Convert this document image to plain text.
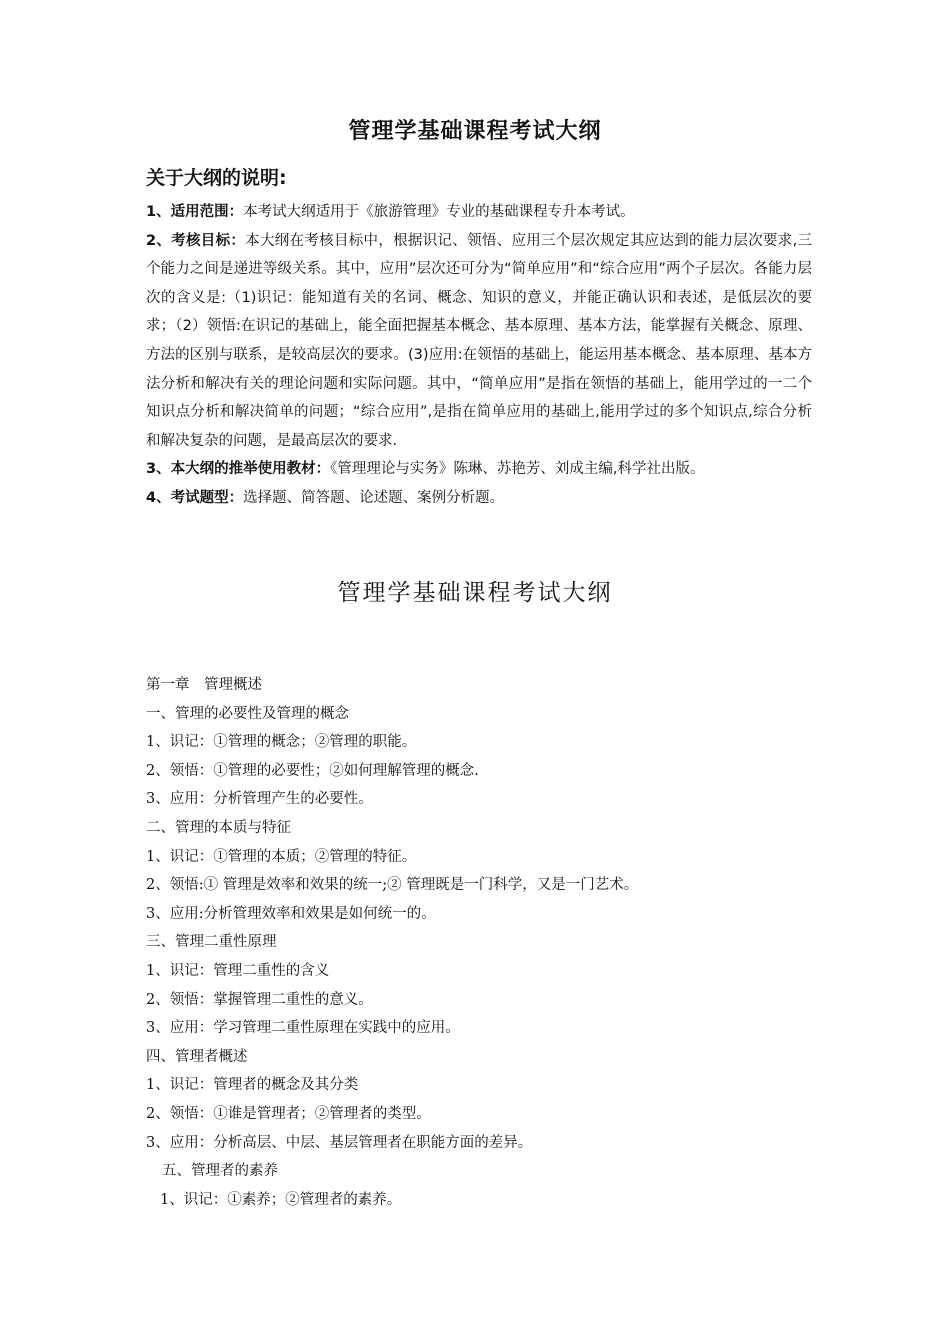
管理学基础课程考试大纲
关于大纲的说明:

1、适用范围：本考试大纲适用于《旅游管理》专业的基础课程专升本考试。

2、考核目标：本大纲在考核目标中，根据识记、领悟、应用三个层次规定其应达到的能力层次要求,三个能力之间是递进等级关系。其中，应用”层次还可分为“简单应用”和“综合应用”两个子层次。各能力层次的含义是:（1)识记：能知道有关的名词、概念、知识的意义，并能正确认识和表述，是低层次的要求；（2）领悟:在识记的基础上，能全面把握基本概念、基本原理、基本方法，能掌握有关概念、原理、方法的区别与联系，是较高层次的要求。(3)应用:在领悟的基础上，能运用基本概念、基本原理、基本方法分析和解决有关的理论问题和实际问题。其中，“简单应用”是指在领悟的基础上，能用学过的一二个知识点分析和解决简单的问题；“综合应用”,是指在简单应用的基础上,能用学过的多个知识点,综合分析和解决复杂的问题，是最高层次的要求.

3、本大纲的推举使用教材：《管理理论与实务》陈琳、苏艳芳、刘成主编,科学社出版。

4、考试题型：选择题、简答题、论述题、案例分析题。

管理学基础课程考试大纲
第一章　管理概述
一、管理的必要性及管理的概念
1、识记：①管理的概念；②管理的职能。
2、领悟：①管理的必要性；②如何理解管理的概念.
3、应用：分析管理产生的必要性。
二、管理的本质与特征
1、识记：①管理的本质；②管理的特征。
2、领悟:① 管理是效率和效果的统一;② 管理既是一门科学，又是一门艺术。
3、应用:分析管理效率和效果是如何统一的。
三、管理二重性原理
1、识记：管理二重性的含义
2、领悟：掌握管理二重性的意义。
3、应用：学习管理二重性原理在实践中的应用。
四、管理者概述
1、识记：管理者的概念及其分类
2、领悟：①谁是管理者；②管理者的类型。
3、应用：分析高层、中层、基层管理者在职能方面的差异。
五、管理者的素养
1、识记：①素养；②管理者的素养。
